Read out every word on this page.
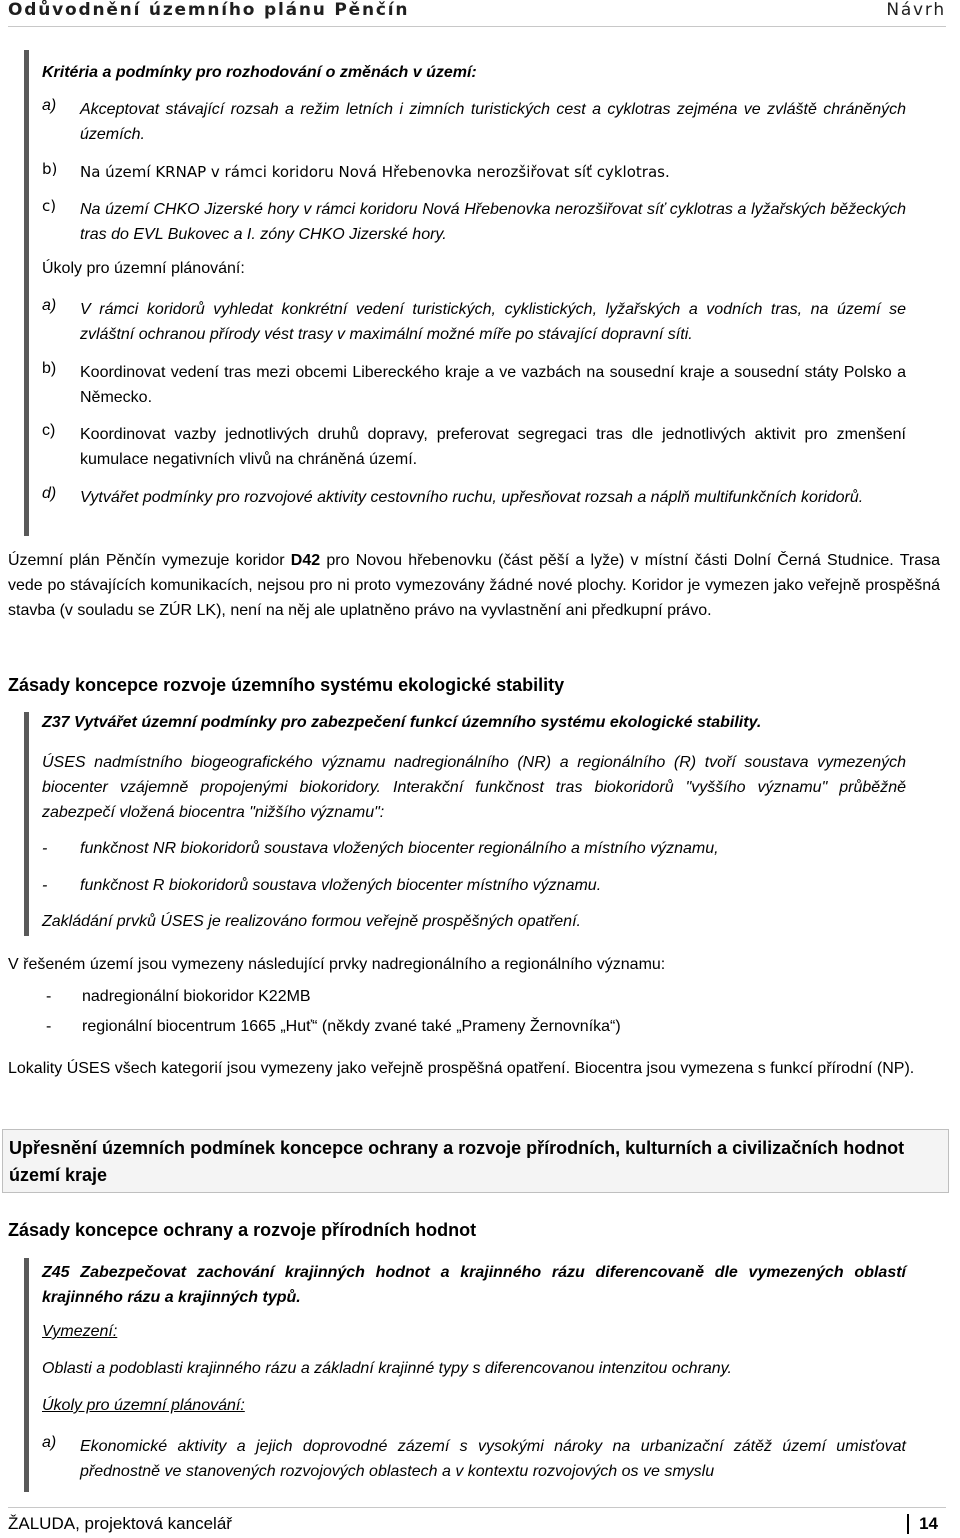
Odůvodnění územního plánu Pěnčín	Návrh
Kritéria a podmínky pro rozhodování o změnách v území:
a)	Akceptovat stávající rozsah a režim letních i zimních turistických cest a cyklotras zejména ve zvláště chráněných územích.
b)	Na území KRNAP v rámci koridoru Nová Hřebenovka nerozšiřovat síť cyklotras.
c)	Na území CHKO Jizerské hory v rámci koridoru Nová Hřebenovka nerozšiřovat síť cyklotras a lyžařských běžeckých tras do EVL Bukovec a I. zóny CHKO Jizerské hory.
Úkoly pro územní plánování:
a)	V rámci koridorů vyhledat konkrétní vedení turistických, cyklistických, lyžařských a vodních tras, na území se zvláštní ochranou přírody vést trasy v maximální možné míře po stávající dopravní síti.
b)	Koordinovat vedení tras mezi obcemi Libereckého kraje a ve vazbách na sousední kraje a sousední státy Polsko a Německo.
c)	Koordinovat vazby jednotlivých druhů dopravy, preferovat segregaci tras dle jednotlivých aktivit pro zmenšení kumulace negativních vlivů na chráněná území.
d)	Vytvářet podmínky pro rozvojové aktivity cestovního ruchu, upřesňovat rozsah a náplň multifunkčních koridorů.
Územní plán Pěnčín vymezuje koridor D42 pro Novou hřebenovku (část pěší a lyže) v místní části Dolní Černá Studnice. Trasa vede po stávajících komunikacích, nejsou pro ni proto vymezovány žádné nové plochy. Koridor je vymezen jako veřejně prospěšná stavba (v souladu se ZÚR LK), není na něj ale uplatněno právo na vyvlastnění ani předkupní právo.
Zásady koncepce rozvoje územního systému ekologické stability
Z37 Vytvářet územní podmínky pro zabezpečení funkcí územního systému ekologické stability.
ÚSES nadmístního biogeografického významu nadregionálního (NR) a regionálního (R) tvoří soustava vymezených biocenter vzájemně propojenými biokoridory. Interakční funkčnost tras biokoridorů "vyššího významu" průběžně zabezpečí vložená biocentra "nižšího významu":
- funkčnost NR biokoridorů soustava vložených biocenter regionálního a místního významu,
- funkčnost R biokoridorů soustava vložených biocenter místního významu.
Zakládání prvků ÚSES je realizováno formou veřejně prospěšných opatření.
V řešeném území jsou vymezeny následující prvky nadregionálního a regionálního významu:
- nadregionální biokoridor K22MB
- regionální biocentrum 1665 „Huť“ (někdy zvané také „Prameny Žernovníka“)
Lokality ÚSES všech kategorií jsou vymezeny jako veřejně prospěšná opatření. Biocentra jsou vymezena s funkcí přírodní (NP).
Upřesnění územních podmínek koncepce ochrany a rozvoje přírodních, kulturních a civilizačních hodnot území kraje
Zásady koncepce ochrany a rozvoje přírodních hodnot
Z45 Zabezpečovat zachování krajinných hodnot a krajinného rázu diferencovaně dle vymezených oblastí krajinného rázu a krajinných typů.
Vymezení:
Oblasti a podoblasti krajinného rázu a základní krajinné typy s diferencovanou intenzitou ochrany.
Úkoly pro územní plánování:
a)	Ekonomické aktivity a jejich doprovodné zázemí s vysokými nároky na urbanizační zátěž území umisťovat přednostně ve stanovených rozvojových oblastech a v kontextu rozvojových os ve smyslu
ŽALUDA, projektová kancelář	14
